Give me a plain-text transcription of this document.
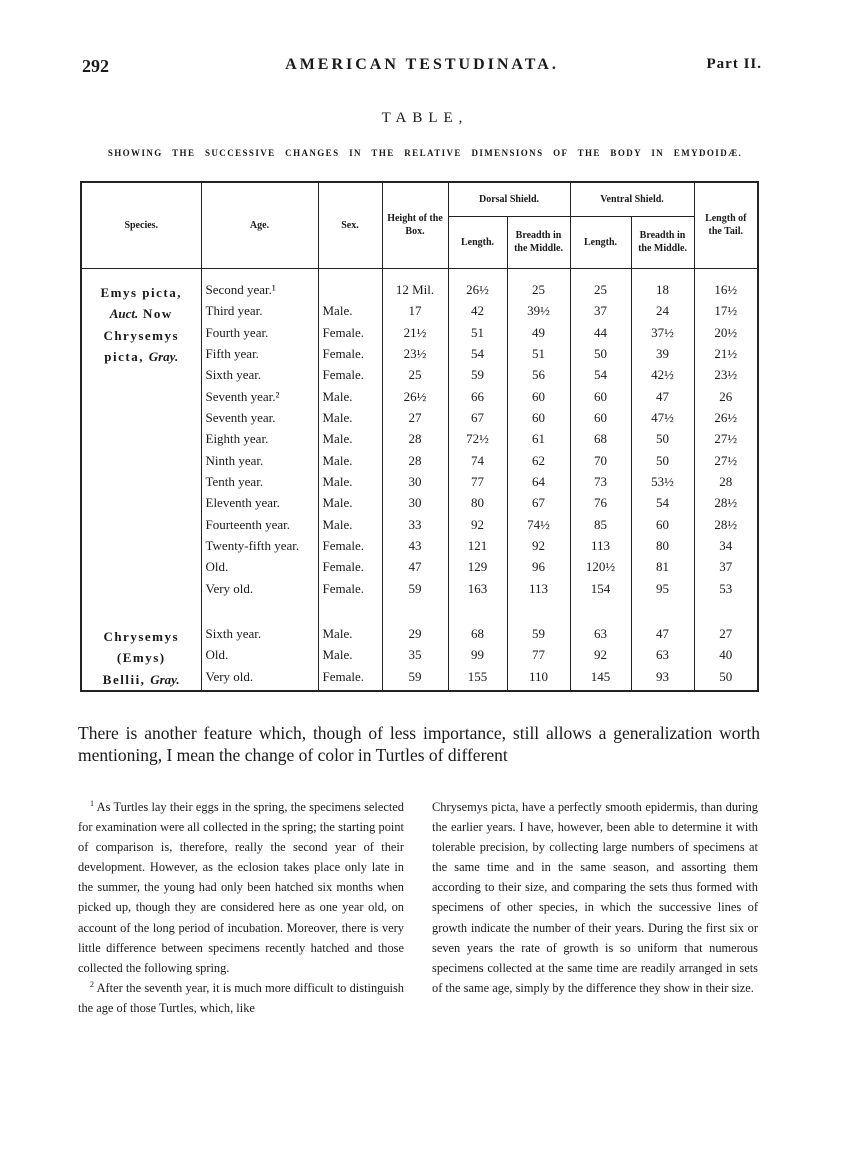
292	AMERICAN TESTUDINATA.	Part II.
TABLE,
SHOWING THE SUCCESSIVE CHANGES IN THE RELATIVE DIMENSIONS OF THE BODY IN EMYDOIDÆ.
Species.	Age.	Sex.	Height of the Box.	Dorsal Shield.		Ventral Shield.		Length of the Tail.
				Length.	Breadth in the Middle.	Length.	Breadth in the Middle.	

Emys picta,	Second year.¹		12 Mil.	26½	25	25	18	16½
Auct. Now	Third year.	Male.	17	42	39½	37	24	17½
Chrysemys	Fourth year.	Female.	21½	51	49	44	37½	20½
picta, Gray.	Fifth year.	Female.	23½	54	51	50	39	21½
	Sixth year.	Female.	25	59	56	54	42½	23½
	Seventh year.²	Male.	26½	66	60	60	47	26
	Seventh year.	Male.	27	67	60	60	47½	26½
	Eighth year.	Male.	28	72½	61	68	50	27½
	Ninth year.	Male.	28	74	62	70	50	27½
	Tenth year.	Male.	30	77	64	73	53½	28
	Eleventh year.	Male.	30	80	67	76	54	28½
	Fourteenth year.	Male.	33	92	74½	85	60	28½
	Twenty-fifth year.	Female.	43	121	92	113	80	34
	Old.	Female.	47	129	96	120½	81	37
	Very old.	Female.	59	163	113	154	95	53

Chrysemys	Sixth year.	Male.	29	68	59	63	47	27
(Emys)	Old.	Male.	35	99	77	92	63	40
Bellii, Gray.	Very old.	Female.	59	155	110	145	93	50
There is another feature which, though of less importance, still allows a generalization worth mentioning, I mean the change of color in Turtles of different

$^1$ As Turtles lay their eggs in the spring, the specimens selected for examination were all collected in the spring; the starting point of comparison is, therefore, really the second year of their development. However, as the eclosion takes place only late in the summer, the young had only been hatched six months when picked up, though they are considered here as one year old, on account of the long period of incubation. Moreover, there is very little difference between specimens recently hatched and those collected the following spring.

$^2$ After the seventh year, it is much more difficult to distinguish the age of those Turtles, which, like

Chrysemys picta, have a perfectly smooth epidermis, than during the earlier years. I have, however, been able to determine it with tolerable precision, by collecting large numbers of specimens at the same time and in the same season, and assorting them according to their size, and comparing the sets thus formed with specimens of other species, in which the successive lines of growth indicate the number of their years. During the first six or seven years the rate of growth is so uniform that numerous specimens collected at the same time are readily arranged in sets of the same age, simply by the difference they show in their size.
